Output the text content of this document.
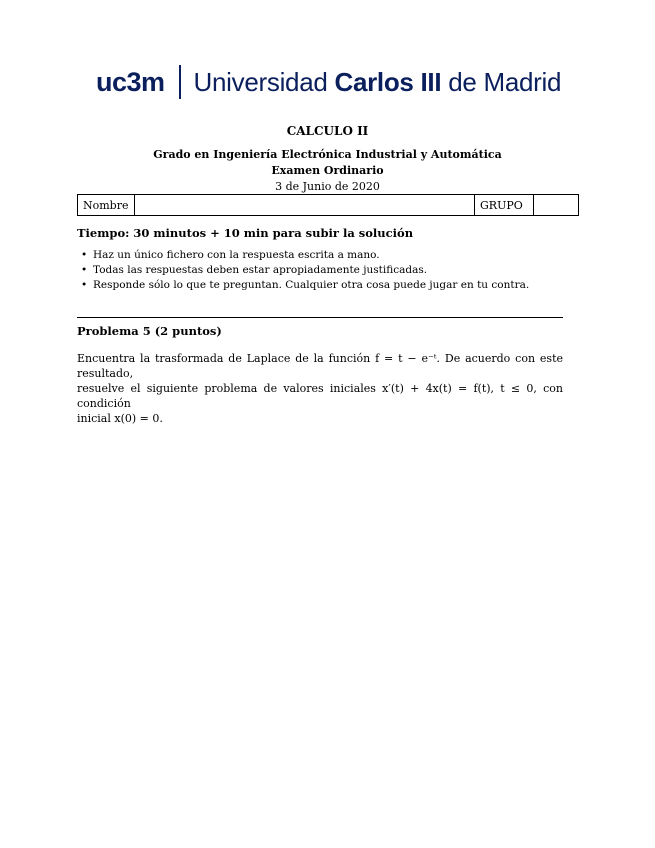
uc3m Universidad Carlos III de Madrid
CALCULO II
Grado en Ingeniería Electrónica Industrial y Automática
Examen Ordinario
3 de Junio de 2020
Nombre		GRUPO	
Tiempo: 30 minutos + 10 min para subir la solución
• Haz un único fichero con la respuesta escrita a mano.
• Todas las respuestas deben estar apropiadamente justificadas.
• Responde sólo lo que te preguntan. Cualquier otra cosa puede jugar en tu contra.
Problema 5 (2 puntos)
Encuentra la trasformada de Laplace de la función f = t − e⁻ᵗ. De acuerdo con este resultado,
resuelve el siguiente problema de valores iniciales x′(t) + 4x(t) = f(t), t ≤ 0, con condición
inicial x(0) = 0.
